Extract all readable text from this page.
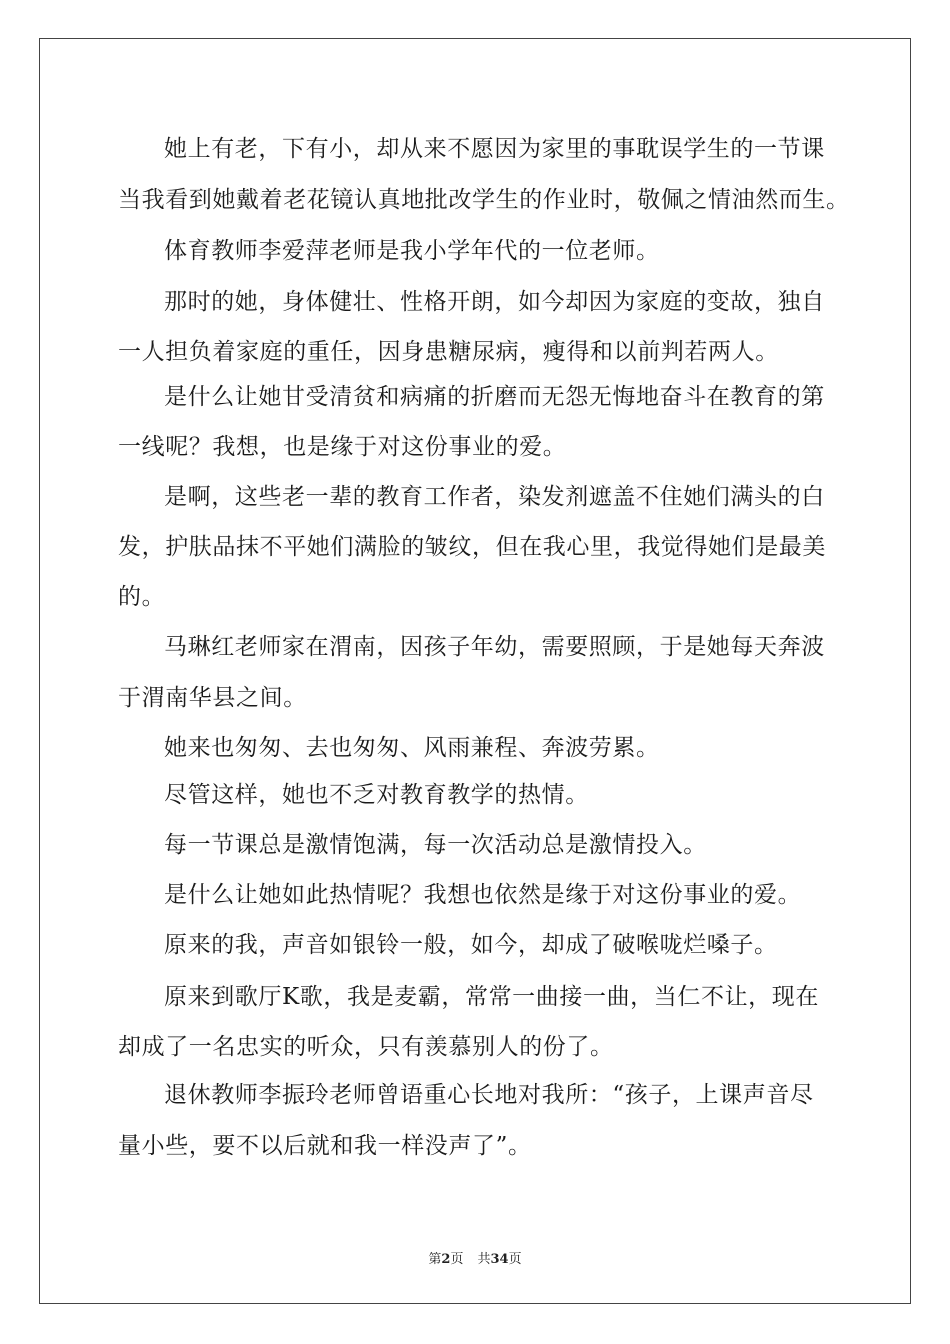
她上有老，下有小，却从来不愿因为家里的事耽误学生的一节课
当我看到她戴着老花镜认真地批改学生的作业时，敬佩之情油然而生。
体育教师李爱萍老师是我小学年代的一位老师。
那时的她，身体健壮、性格开朗，如今却因为家庭的变故，独自
一人担负着家庭的重任，因身患糖尿病，瘦得和以前判若两人。
是什么让她甘受清贫和病痛的折磨而无怨无悔地奋斗在教育的第
一线呢？我想，也是缘于对这份事业的爱。
是啊，这些老一辈的教育工作者，染发剂遮盖不住她们满头的白
发，护肤品抹不平她们满脸的皱纹，但在我心里，我觉得她们是最美
的。
马琳红老师家在渭南，因孩子年幼，需要照顾，于是她每天奔波
于渭南华县之间。
她来也匆匆、去也匆匆、风雨兼程、奔波劳累。
尽管这样，她也不乏对教育教学的热情。
每一节课总是激情饱满，每一次活动总是激情投入。
是什么让她如此热情呢？我想也依然是缘于对这份事业的爱。
原来的我，声音如银铃一般，如今，却成了破喉咙烂嗓子。
原来到歌厅K歌，我是麦霸，常常一曲接一曲，当仁不让，现在
却成了一名忠实的听众，只有羡慕别人的份了。
退休教师李振玲老师曾语重心长地对我所：“孩子，上课声音尽
量小些，要不以后就和我一样没声了”。
第2页 共34页
